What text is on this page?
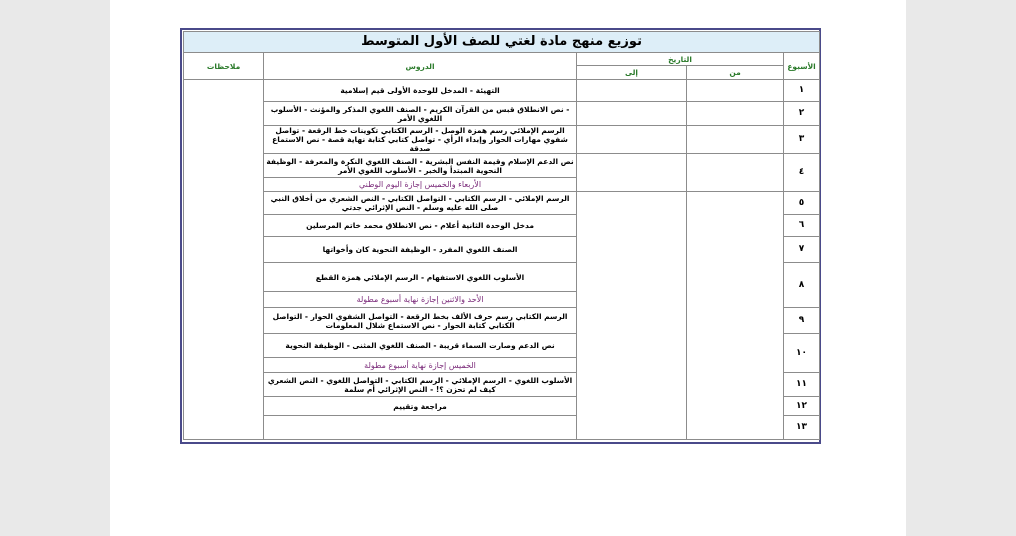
توزيع منهج مادة لغتي للصف الأول المتوسط					
الأسبوع	التاريخ		الدروس	ملاحظات	
	من	إلى			
١			التهيئة - المدخل للوحدة الأولى قيم إسلامية		
٢			- نص الانطلاق قبس من القرآن الكريم - الصنف اللغوي المذكر والمؤنث - الأسلوب اللغوي الأمر		
٣			الرسم الإملائي رسم همزة الوصل - الرسم الكتابي تكوينات خط الرقعة - تواصل شفوي مهارات الحوار وإبداء الرأي - تواصل كتابي كتابة نهاية قصة - نص الاستماع صدقة		
٤			نص الدعم الإسلام وقيمة النفس البشرية - الصنف اللغوي النكرة والمعرفة - الوظيفة النحوية المبتدأ والخبر - الأسلوب اللغوي الأمر		
			الأربعاء والخميس إجازة اليوم الوطني		
٥			الرسم الإملائي - الرسم الكتابي - التواصل الكتابي - النص الشعري من أخلاق النبي صلى الله عليه وسلم - النص الإثرائي جدتي		
٦			مدخل الوحدة الثانية أعلام - نص الانطلاق محمد خاتم المرسلين		
٧			الصنف اللغوي المفرد - الوظيفة النحوية كان وأخواتها		
٨			الأسلوب اللغوي الاستفهام - الرسم الإملائي همزة القطع		
			الأحد والاثنين إجازة نهاية أسبوع مطولة		
٩			الرسم الكتابي رسم حرف الألف بخط الرقعة - التواصل الشفوي الحوار - التواصل الكتابي كتابة الحوار - نص الاستماع شلال المعلومات		
١٠			نص الدعم وصارت السماء قريبة - الصنف اللغوي المثنى - الوظيفة النحوية		
			الخميس إجازة نهاية أسبوع مطولة		
١١			الأسلوب اللغوي - الرسم الإملائي - الرسم الكتابي - التواصل اللغوي - النص الشعري كيف لم تحزن ؟! - النص الإثرائي أم سلمة		
١٢			مراجعة وتقييم		
١٣			
